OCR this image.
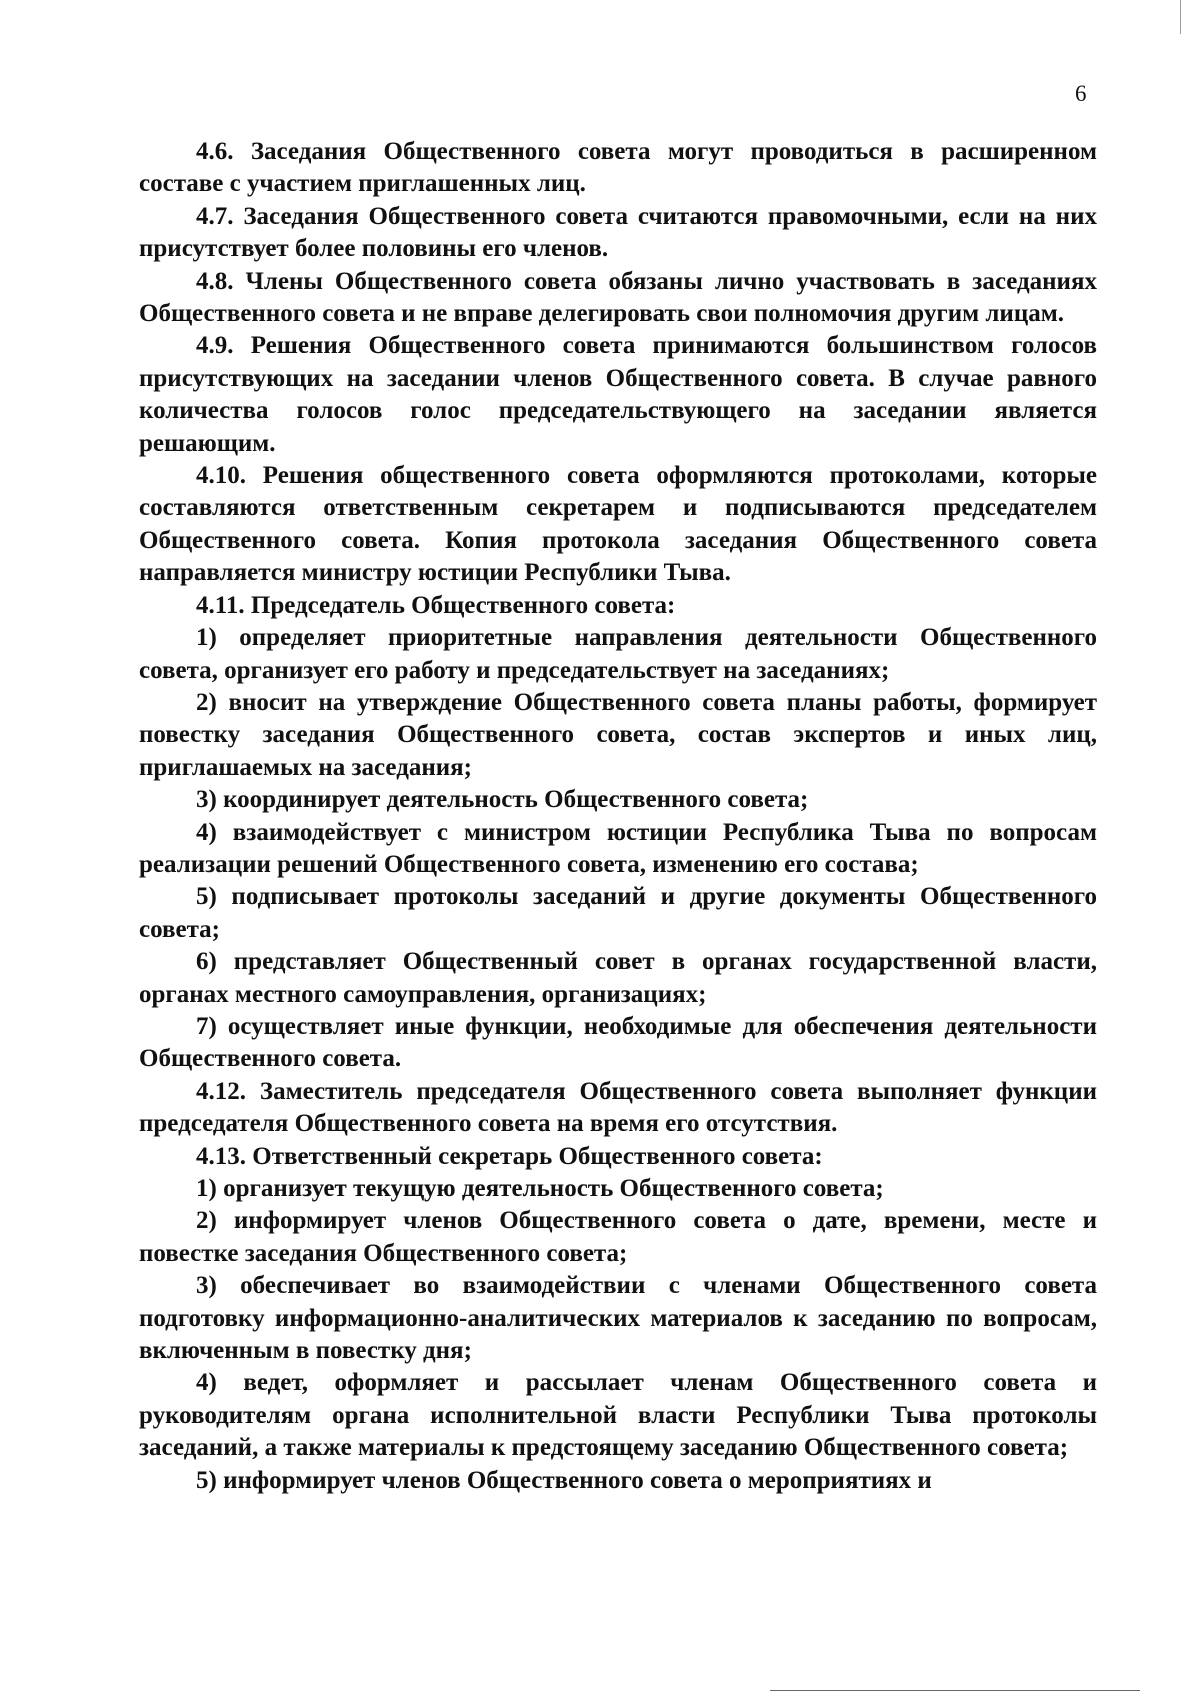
6

4.6. Заседания Общественного совета могут проводиться в расширенном составе с участием приглашенных лиц.

4.7. Заседания Общественного совета считаются правомочными, если на них присутствует более половины его членов.

4.8. Члены Общественного совета обязаны лично участвовать в заседаниях Общественного совета и не вправе делегировать свои полномочия другим лицам.

4.9. Решения Общественного совета принимаются большинством голосов присутствующих на заседании членов Общественного совета. В случае равного количества голосов голос председательствующего на заседании является решающим.

4.10. Решения общественного совета оформляются протоколами, которые составляются ответственным секретарем и подписываются председателем Общественного совета. Копия протокола заседания Общественного совета направляется министру юстиции Республики Тыва.

4.11. Председатель Общественного совета:

1) определяет приоритетные направления деятельности Общественного совета, организует его работу и председательствует на заседаниях;

2) вносит на утверждение Общественного совета планы работы, формирует повестку заседания Общественного совета, состав экспертов и иных лиц, приглашаемых на заседания;

3) координирует деятельность Общественного совета;

4) взаимодействует с министром юстиции Республика Тыва по вопросам реализации решений Общественного совета, изменению его состава;

5) подписывает протоколы заседаний и другие документы Общественного совета;

6) представляет Общественный совет в органах государственной власти, органах местного самоуправления, организациях;

7) осуществляет иные функции, необходимые для обеспечения деятельности Общественного совета.

4.12. Заместитель председателя Общественного совета выполняет функции председателя Общественного совета на время его отсутствия.

4.13. Ответственный секретарь Общественного совета:

1) организует текущую деятельность Общественного совета;

2) информирует членов Общественного совета о дате, времени, месте и повестке заседания Общественного совета;

3) обеспечивает во взаимодействии с членами Общественного совета подготовку информационно-аналитических материалов к заседанию по вопросам, включенным в повестку дня;

4) ведет, оформляет и рассылает членам Общественного совета и руководителям органа исполнительной власти Республики Тыва протоколы заседаний, а также материалы к предстоящему заседанию Общественного совета;

5) информирует членов Общественного совета о мероприятиях и
